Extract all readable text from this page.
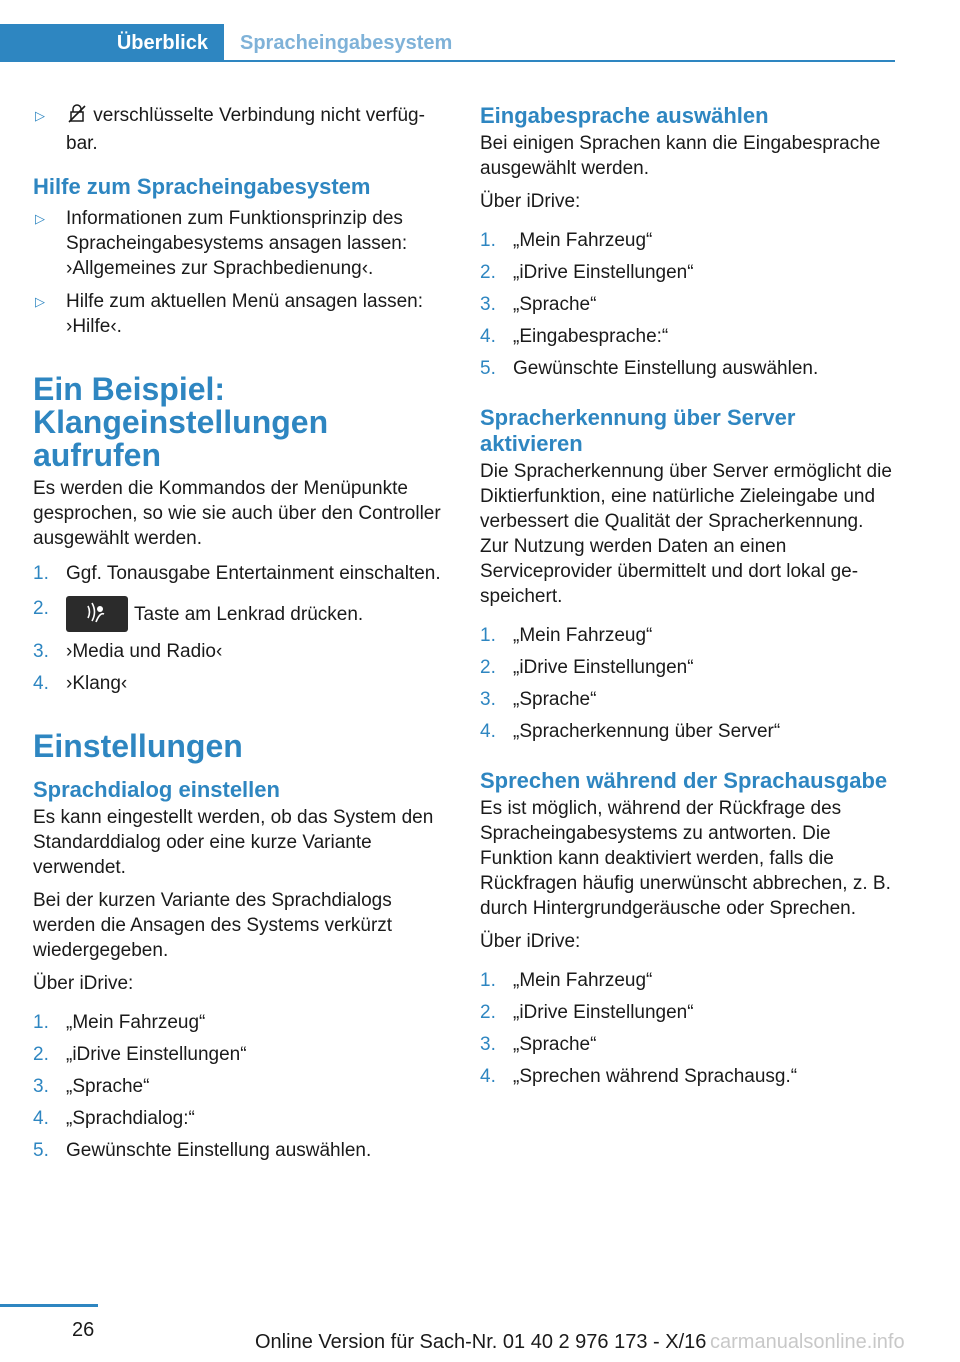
Überblick	Spracheingabesystem
▷	verschlüsselte Verbindung nicht verfügbar.
Hilfe zum Spracheingabesystem
▷ Informationen zum Funktionsprinzip des Spracheingabesystems ansagen lassen: ›Allgemeines zur Sprachbedienung‹.
▷ Hilfe zum aktuellen Menü ansagen lassen: ›Hilfe‹.
Ein Beispiel: Klangeinstellungen aufrufen

Es werden die Kommandos der Menüpunkte gesprochen, so wie sie auch über den Controller ausgewählt werden.

1. Ggf. Tonausgabe Entertainment einschalten.
2.	Taste am Lenkrad drücken.
3. ›Media und Radio‹
4. ›Klang‹
Einstellungen
Sprachdialog einstellen

Es kann eingestellt werden, ob das System den Standarddialog oder eine kurze Variante verwendet.

Bei der kurzen Variante des Sprachdialogs werden die Ansagen des Systems verkürzt wiedergegeben.

Über iDrive:

1. „Mein Fahrzeug“
2. „iDrive Einstellungen“
3. „Sprache“
4. „Sprachdialog:“
5. Gewünschte Einstellung auswählen.
Eingabesprache auswählen

Bei einigen Sprachen kann die Eingabesprache ausgewählt werden.

Über iDrive:

1. „Mein Fahrzeug“
2. „iDrive Einstellungen“
3. „Sprache“
4. „Eingabesprache:“
5. Gewünschte Einstellung auswählen.
Spracherkennung über Server aktivieren

Die Spracherkennung über Server ermöglicht die Diktierfunktion, eine natürliche Zieleingabe und verbessert die Qualität der Spracherkennung. Zur Nutzung werden Daten an einen Serviceprovider übermittelt und dort lokal gespeichert.

1. „Mein Fahrzeug“
2. „iDrive Einstellungen“
3. „Sprache“
4. „Spracherkennung über Server“
Sprechen während der Sprachausgabe

Es ist möglich, während der Rückfrage des Spracheingabesystems zu antworten. Die Funktion kann deaktiviert werden, falls die Rückfragen häufig unerwünscht abbrechen, z. B. durch Hintergrundgeräusche oder Sprechen.

Über iDrive:

1. „Mein Fahrzeug“
2. „iDrive Einstellungen“
3. „Sprache“
4. „Sprechen während Sprachausg.“
26
Online Version für Sach-Nr. 01 40 2 976 173 - X/16 carmanualsonline.info
